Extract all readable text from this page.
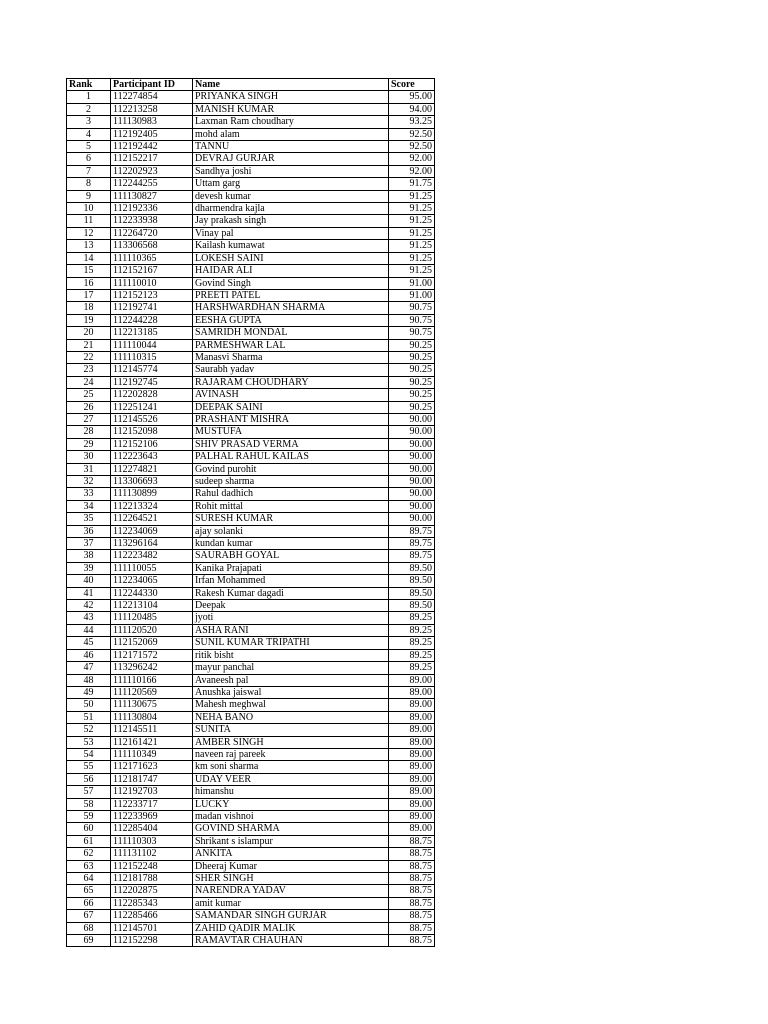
Rank	Participant ID	Name	Score
1	112274854	PRIYANKA SINGH	95.00
2	112213258	MANISH KUMAR	94.00
3	111130983	Laxman Ram choudhary	93.25
4	112192405	mohd alam	92.50
5	112192442	TANNU	92.50
6	112152217	DEVRAJ GURJAR	92.00
7	112202923	Sandhya joshi	92.00
8	112244255	Uttam garg	91.75
9	111130827	devesh kumar	91.25
10	112192336	dharmendra kajla	91.25
11	112233938	Jay prakash singh	91.25
12	112264720	Vinay pal	91.25
13	113306568	Kailash kumawat	91.25
14	111110365	LOKESH SAINI	91.25
15	112152167	HAIDAR ALI	91.25
16	111110010	Govind Singh	91.00
17	112152123	PREETI PATEL	91.00
18	112192741	HARSHWARDHAN SHARMA	90.75
19	112244228	EESHA GUPTA	90.75
20	112213185	SAMRIDH MONDAL	90.75
21	111110044	PARMESHWAR LAL	90.25
22	111110315	Manasvi Sharma	90.25
23	112145774	Saurabh yadav	90.25
24	112192745	RAJARAM CHOUDHARY	90.25
25	112202828	AVINASH	90.25
26	112251241	DEEPAK SAINI	90.25
27	112145526	PRASHANT MISHRA	90.00
28	112152098	MUSTUFA	90.00
29	112152106	SHIV PRASAD VERMA	90.00
30	112223643	PALHAL RAHUL KAILAS	90.00
31	112274821	Govind purohit	90.00
32	113306693	sudeep sharma	90.00
33	111130899	Rahul dadhich	90.00
34	112213324	Rohit mittal	90.00
35	112264521	SURESH KUMAR	90.00
36	112234069	ajay solanki	89.75
37	113296164	kundan kumar	89.75
38	112223482	SAURABH GOYAL	89.75
39	111110055	Kanika Prajapati	89.50
40	112234065	Irfan Mohammed	89.50
41	112244330	Rakesh Kumar dagadi	89.50
42	112213104	Deepak	89.50
43	111120485	jyoti	89.25
44	111120520	ASHA RANI	89.25
45	112152069	SUNIL KUMAR TRIPATHI	89.25
46	112171572	ritik bisht	89.25
47	113296242	mayur panchal	89.25
48	111110166	Avaneesh pal	89.00
49	111120569	Anushka jaiswal	89.00
50	111130675	Mahesh meghwal	89.00
51	111130804	NEHA BANO	89.00
52	112145511	SUNITA	89.00
53	112161421	AMBER SINGH	89.00
54	111110349	naveen raj pareek	89.00
55	112171623	km soni sharma	89.00
56	112181747	UDAY VEER	89.00
57	112192703	himanshu	89.00
58	112233717	LUCKY	89.00
59	112233969	madan vishnoi	89.00
60	112285404	GOVIND SHARMA	89.00
61	111110303	Shrikant s islampur	88.75
62	111131102	ANKITA	88.75
63	112152248	Dheeraj Kumar	88.75
64	112181788	SHER SINGH	88.75
65	112202875	NARENDRA YADAV	88.75
66	112285343	amit kumar	88.75
67	112285466	SAMANDAR SINGH GURJAR	88.75
68	112145701	ZAHID QADIR MALIK	88.75
69	112152298	RAMAVTAR CHAUHAN	88.75
